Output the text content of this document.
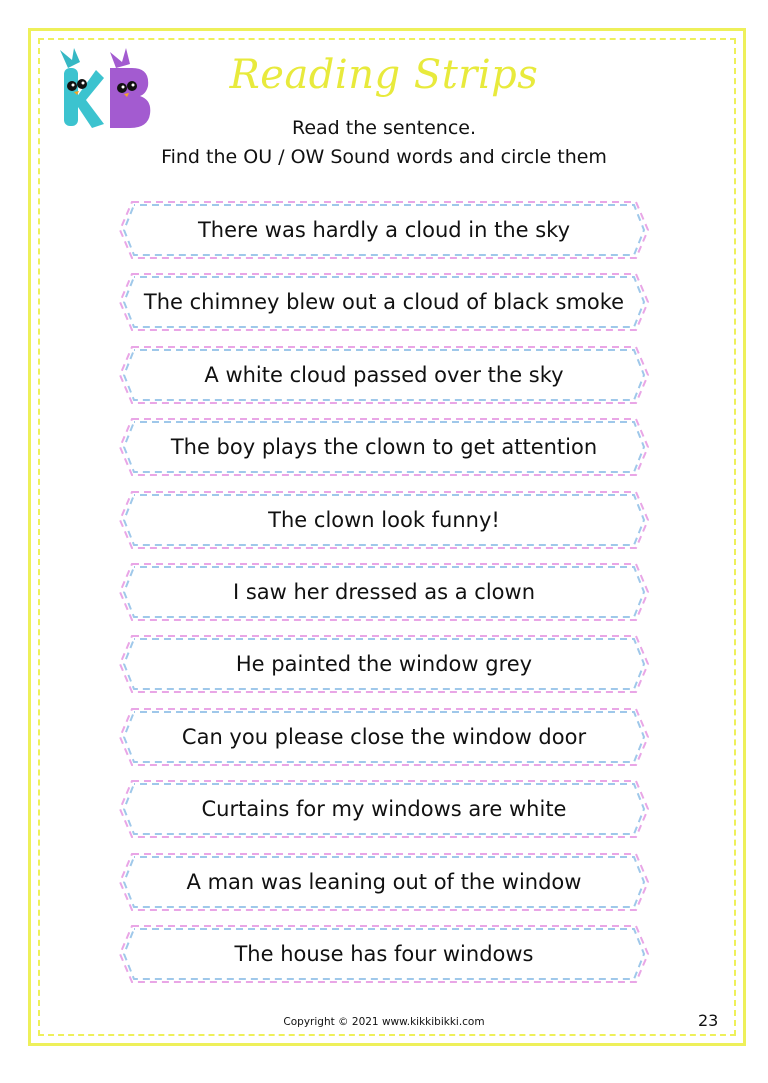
Reading Strips
Read the sentence.
Find the OU / OW Sound words and circle them
There was hardly a cloud in the sky
The chimney blew out a cloud of black smoke
A white cloud passed over the sky
The boy plays the clown to get attention
The clown look funny!
I saw her dressed as a clown
He painted the window grey
Can you please close the window door
Curtains for my windows are white
A man was leaning out of the window
The house has four windows
Copyright © 2021 www.kikkibikki.com	23
